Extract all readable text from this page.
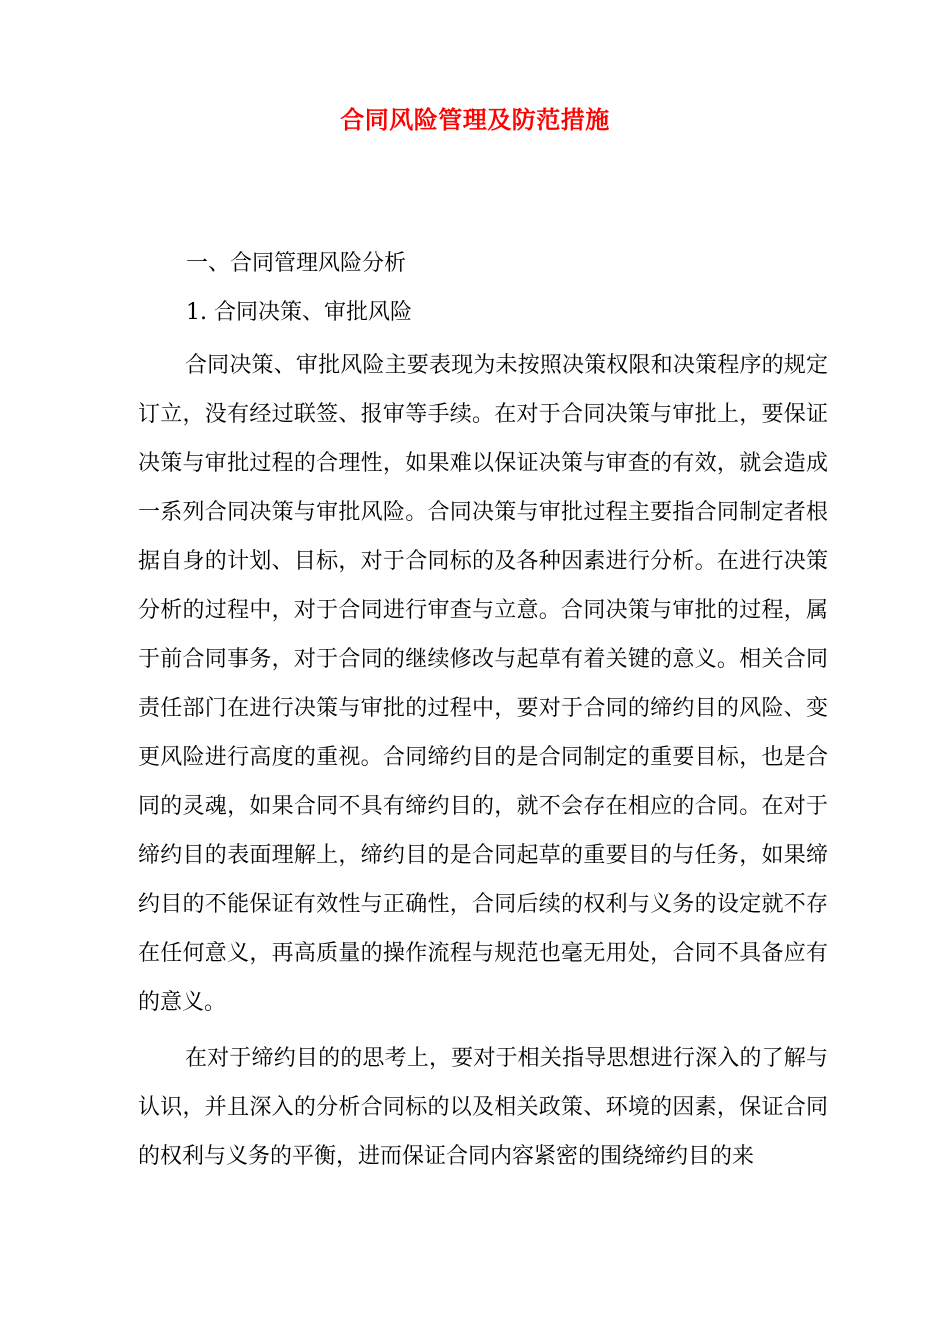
合同风险管理及防范措施
一、合同管理风险分析
1. 合同决策、审批风险

合同决策、审批风险主要表现为未按照决策权限和决策程序的规定订立，没有经过联签、报审等手续。在对于合同决策与审批上，要保证决策与审批过程的合理性，如果难以保证决策与审查的有效，就会造成一系列合同决策与审批风险。合同决策与审批过程主要指合同制定者根据自身的计划、目标，对于合同标的及各种因素进行分析。在进行决策分析的过程中，对于合同进行审查与立意。合同决策与审批的过程，属于前合同事务，对于合同的继续修改与起草有着关键的意义。相关合同责任部门在进行决策与审批的过程中，要对于合同的缔约目的风险、变更风险进行高度的重视。合同缔约目的是合同制定的重要目标，也是合同的灵魂，如果合同不具有缔约目的，就不会存在相应的合同。在对于缔约目的表面理解上，缔约目的是合同起草的重要目的与任务，如果缔约目的不能保证有效性与正确性，合同后续的权利与义务的设定就不存在任何意义，再高质量的操作流程与规范也毫无用处，合同不具备应有的意义。

在对于缔约目的的思考上，要对于相关指导思想进行深入的了解与认识，并且深入的分析合同标的以及相关政策、环境的因素，保证合同的权利与义务的平衡，进而保证合同内容紧密的围绕缔约目的来
